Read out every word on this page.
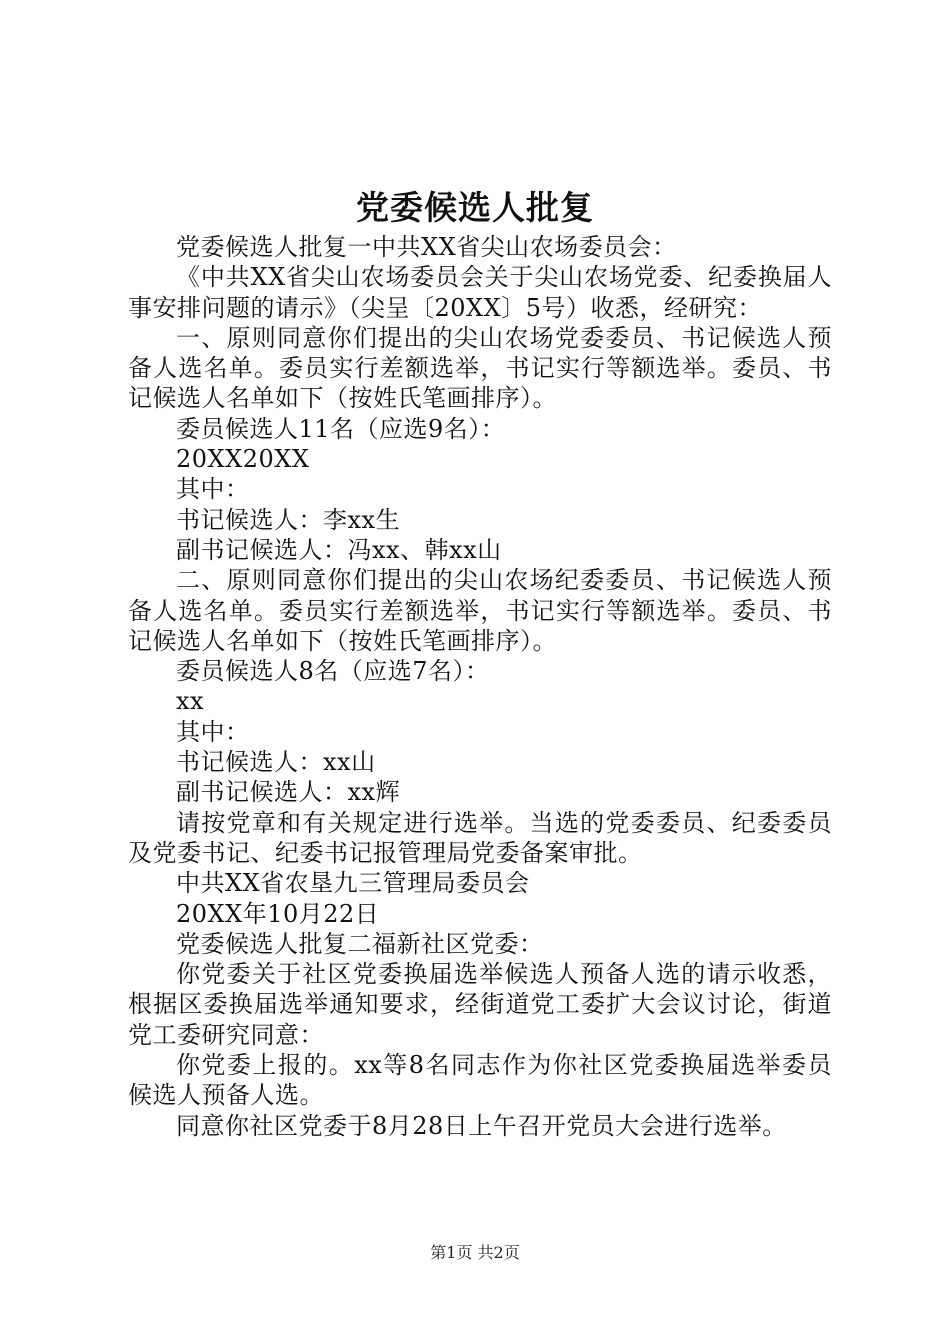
党委候选人批复

党委候选人批复一中共XX省尖山农场委员会：

《中共XX省尖山农场委员会关于尖山农场党委、纪委换届人事安排问题的请示》（尖呈〔20XX〕5号）收悉，经研究：

一、原则同意你们提出的尖山农场党委委员、书记候选人预备人选名单。委员实行差额选举，书记实行等额选举。委员、书记候选人名单如下（按姓氏笔画排序）。

委员候选人11名（应选9名）：

20XX20XX

其中：

书记候选人：李xx生

副书记候选人：冯xx、韩xx山

二、原则同意你们提出的尖山农场纪委委员、书记候选人预备人选名单。委员实行差额选举，书记实行等额选举。委员、书记候选人名单如下（按姓氏笔画排序）。

委员候选人8名（应选7名）：

xx

其中：

书记候选人：xx山

副书记候选人：xx辉

请按党章和有关规定进行选举。当选的党委委员、纪委委员及党委书记、纪委书记报管理局党委备案审批。

中共XX省农垦九三管理局委员会

20XX年10月22日

党委候选人批复二福新社区党委：

你党委关于社区党委换届选举候选人预备人选的请示收悉，根据区委换届选举通知要求，经街道党工委扩大会议讨论，街道党工委研究同意：

你党委上报的。xx等8名同志作为你社区党委换届选举委员候选人预备人选。

同意你社区党委于8月28日上午召开党员大会进行选举。

第1页 共2页
